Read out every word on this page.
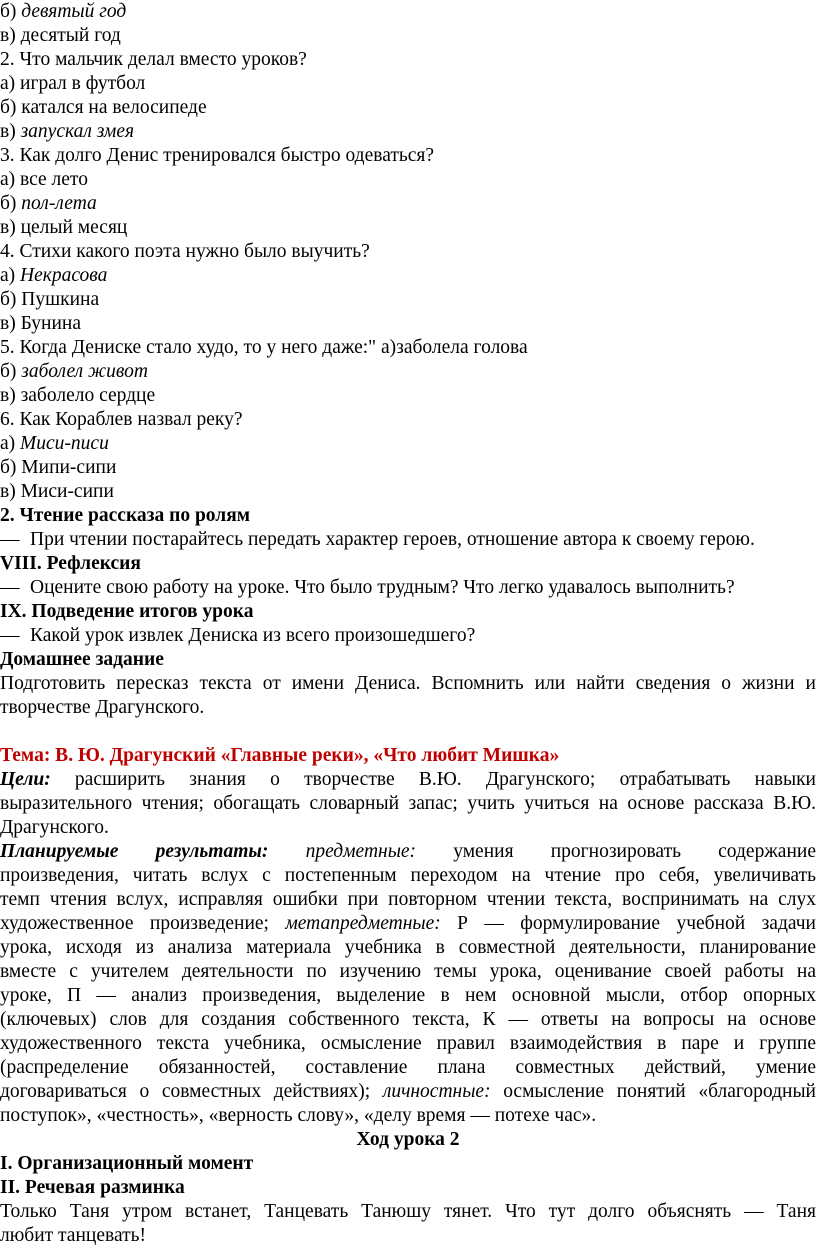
б) девятый год
в) десятый год
2. Что мальчик делал вместо уроков?
а) играл в футбол
б) катался на велосипеде
в) запускал змея
3. Как долго Денис тренировался быстро одеваться?
а) все лето
б) пол-лета
в) целый месяц
4. Стихи какого поэта нужно было выучить?
а) Некрасова
б) Пушкина
в) Бунина
5. Когда Дениске стало худо, то у него даже:" а)заболела голова
б) заболел живот
в) заболело сердце
6. Как Кораблев назвал реку?
а) Миси-писи
б) Мипи-сипи
в) Миси-сипи
2. Чтение рассказа по ролям
— При чтении постарайтесь передать характер героев, отношение автора к своему герою.
VIII. Рефлексия
— Оцените свою работу на уроке. Что было трудным? Что легко удавалось выполнить?
IX. Подведение итогов урока
— Какой урок извлек Дениска из всего произошедшего?
Домашнее задание
Подготовить пересказ текста от имени Дениса. Вспомнить или найти сведения о жизни и
творчестве Драгунского.
Тема: В. Ю. Драгунский «Главные реки», «Что любит Мишка»
Цели: расширить знания о творчестве В.Ю. Драгунского; отрабатывать навыки
выразительного чтения; обогащать словарный запас; учить учиться на основе рассказа В.Ю.
Драгунского.
Планируемые результаты: предметные: умения прогнозировать содержание
произведения, читать вслух с постепенным переходом на чтение про себя, увеличивать
темп чтения вслух, исправляя ошибки при повторном чтении текста, воспринимать на слух
художественное произведение; метапредметные: Р — формулирование учебной задачи
урока, исходя из анализа материала учебника в совместной деятельности, планирование
вместе с учителем деятельности по изучению темы урока, оценивание своей работы на
уроке, П — анализ произведения, выделение в нем основной мысли, отбор опорных
(ключевых) слов для создания собственного текста, К — ответы на вопросы на основе
художественного текста учебника, осмысление правил взаимодействия в паре и группе
(распределение обязанностей, составление плана совместных действий, умение
договариваться о совместных действиях); личностные: осмысление понятий «благородный
поступок», «честность», «верность слову», «делу время — потехе час».
Ход урока 2
I. Организационный момент
II. Речевая разминка
Только Таня утром встанет, Танцевать Танюшу тянет. Что тут долго объяснять — Таня
любит танцевать!
